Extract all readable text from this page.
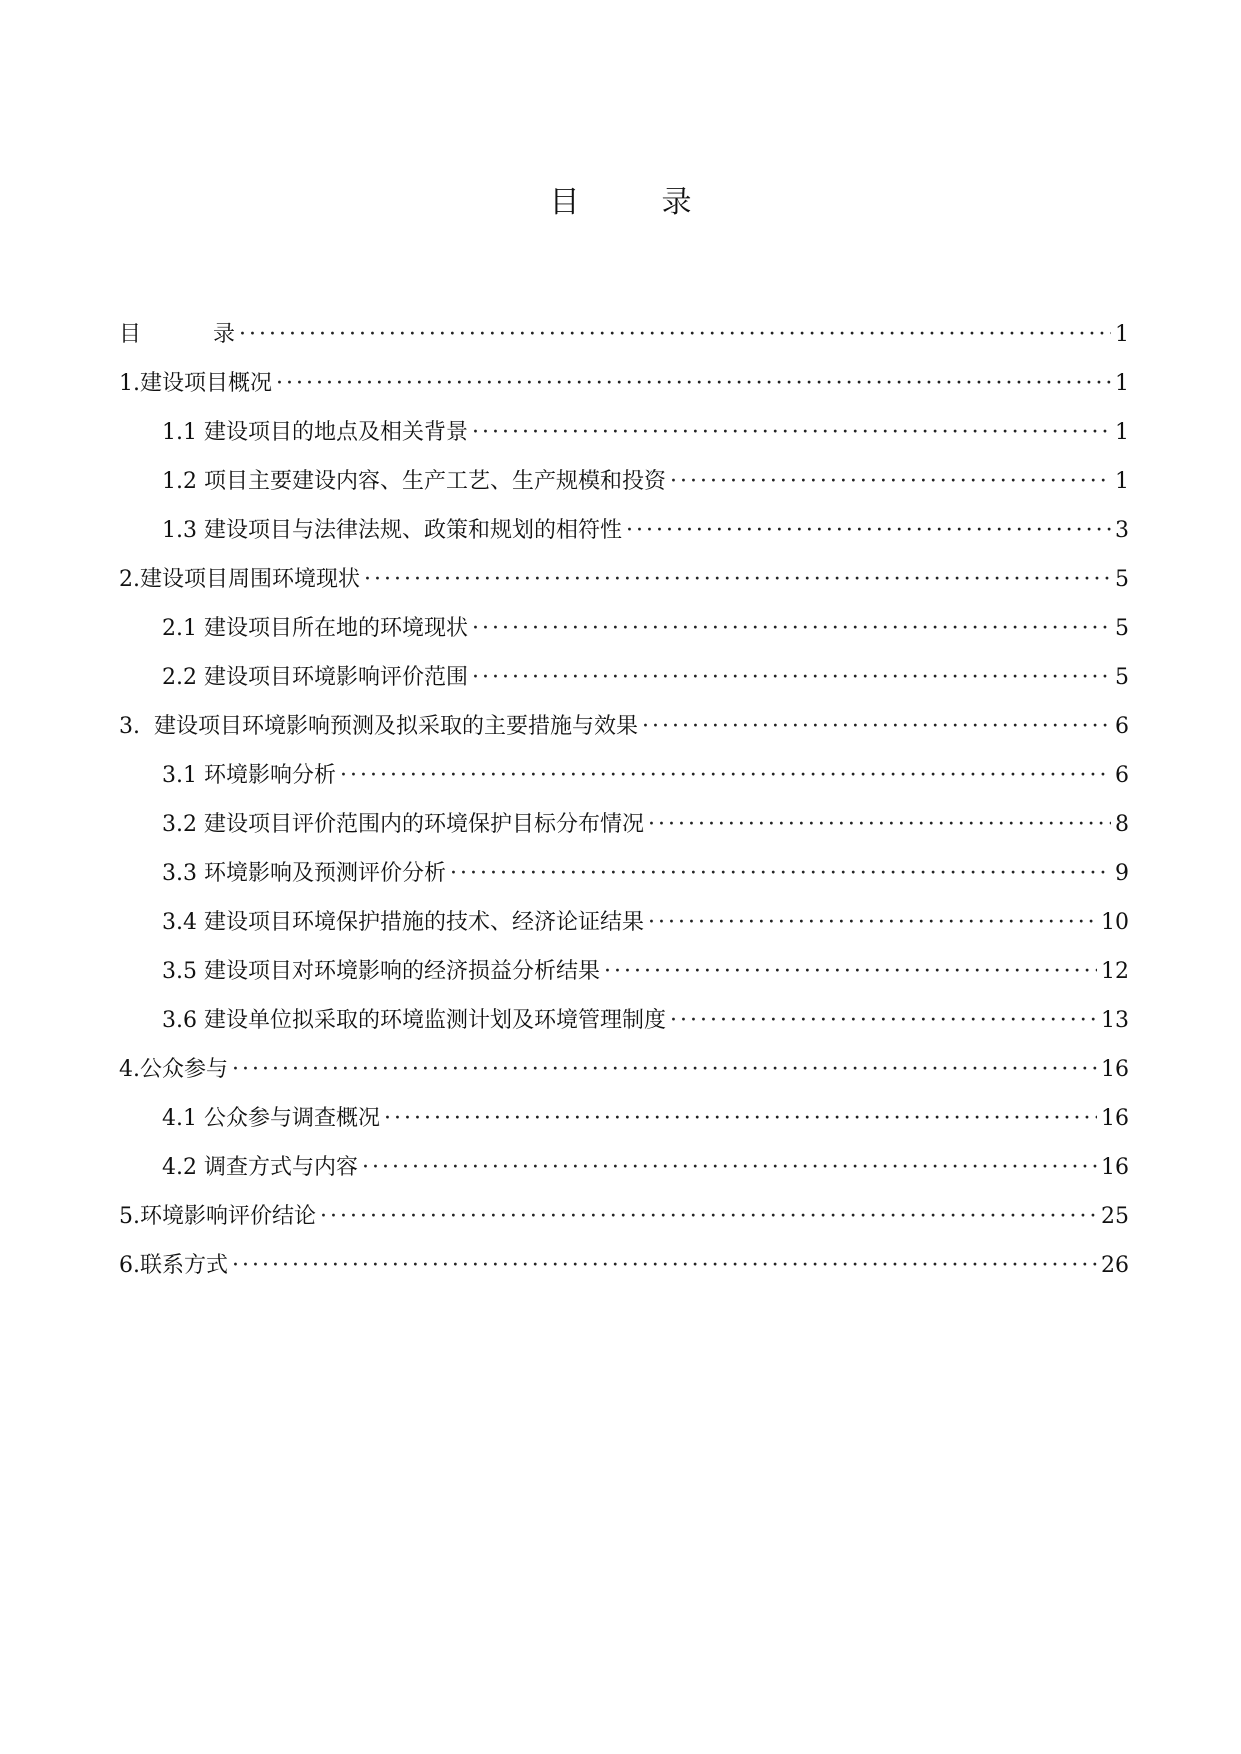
目	录
目	录 ·····	1
1.建设项目概况 ·····	1
1.1 建设项目的地点及相关背景 ·····	1
1.2 项目主要建设内容、生产工艺、生产规模和投资 ·····	1
1.3 建设项目与法律法规、政策和规划的相符性 ·····	3
2.建设项目周围环境现状 ·····	5
2.1 建设项目所在地的环境现状 ·····	5
2.2 建设项目环境影响评价范围 ·····	5
3.  建设项目环境影响预测及拟采取的主要措施与效果 ·····	6
3.1 环境影响分析 ·····	6
3.2 建设项目评价范围内的环境保护目标分布情况 ·····	8
3.3 环境影响及预测评价分析 ·····	9
3.4 建设项目环境保护措施的技术、经济论证结果 ·····	10
3.5 建设项目对环境影响的经济损益分析结果 ·····	12
3.6 建设单位拟采取的环境监测计划及环境管理制度 ·····	13
4.公众参与 ·····	16
4.1 公众参与调查概况 ·····	16
4.2 调查方式与内容 ·····	16
5.环境影响评价结论 ·····	25
6.联系方式 ·····	26
